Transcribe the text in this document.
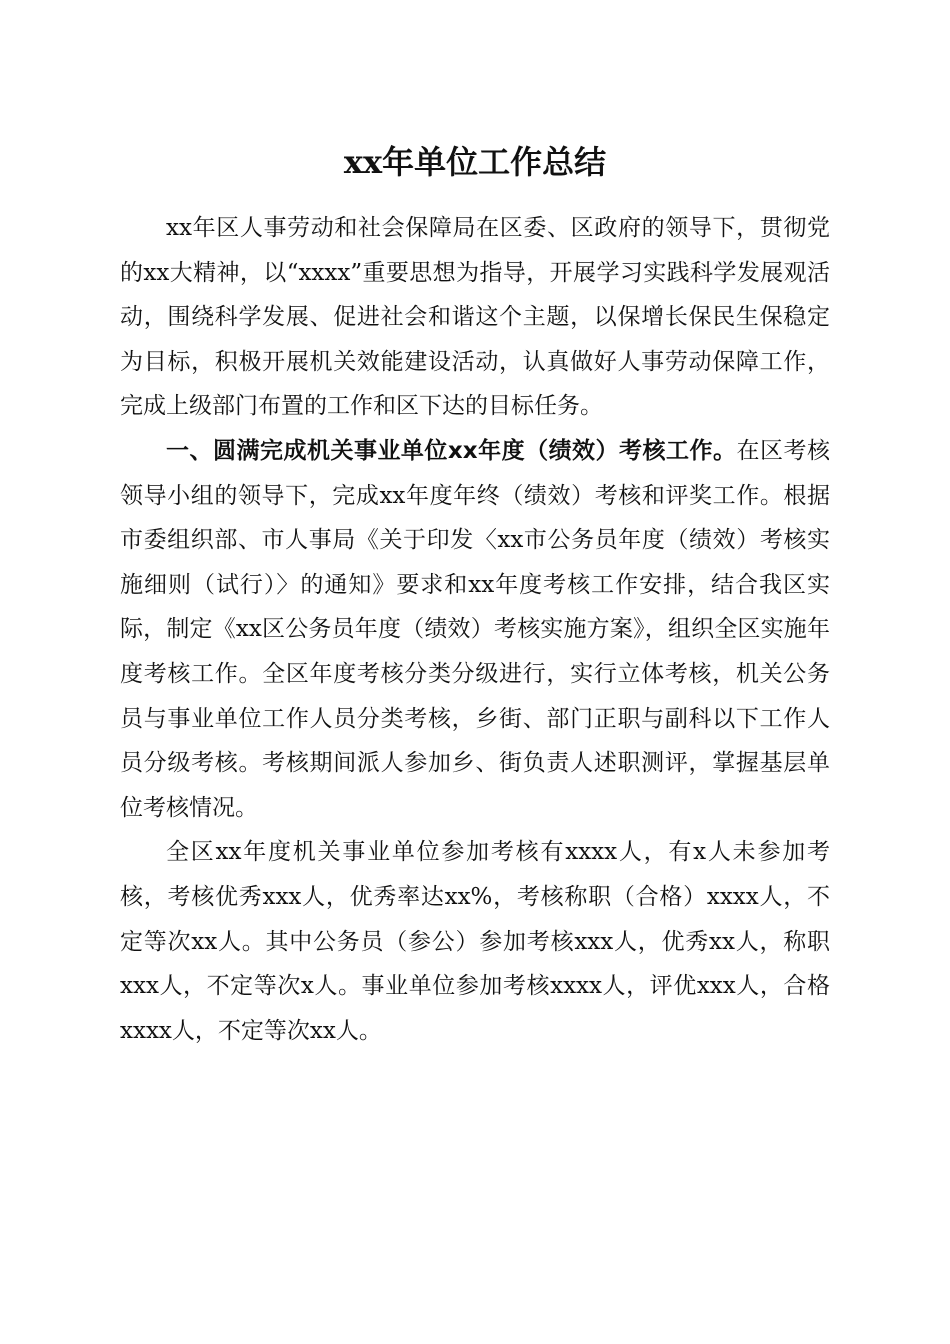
xx年单位工作总结

xx年区人事劳动和社会保障局在区委、区政府的领导下，贯彻党的xx大精神，以“xxxx”重要思想为指导，开展学习实践科学发展观活动，围绕科学发展、促进社会和谐这个主题，以保增长保民生保稳定为目标，积极开展机关效能建设活动，认真做好人事劳动保障工作，完成上级部门布置的工作和区下达的目标任务。

一、圆满完成机关事业单位xx年度（绩效）考核工作。在区考核领导小组的领导下，完成xx年度年终（绩效）考核和评奖工作。根据市委组织部、市人事局《关于印发〈xx市公务员年度（绩效）考核实施细则（试行）〉的通知》要求和xx年度考核工作安排，结合我区实际，制定《xx区公务员年度（绩效）考核实施方案》，组织全区实施年度考核工作。全区年度考核分类分级进行，实行立体考核，机关公务员与事业单位工作人员分类考核，乡街、部门正职与副科以下工作人员分级考核。考核期间派人参加乡、街负责人述职测评，掌握基层单位考核情况。

全区xx年度机关事业单位参加考核有xxxx人，有x人未参加考核，考核优秀xxx人，优秀率达xx%，考核称职（合格）xxxx人，不定等次xx人。其中公务员（参公）参加考核xxx人，优秀xx人，称职xxx人，不定等次x人。事业单位参加考核xxxx人，评优xxx人，合格xxxx人，不定等次xx人。
